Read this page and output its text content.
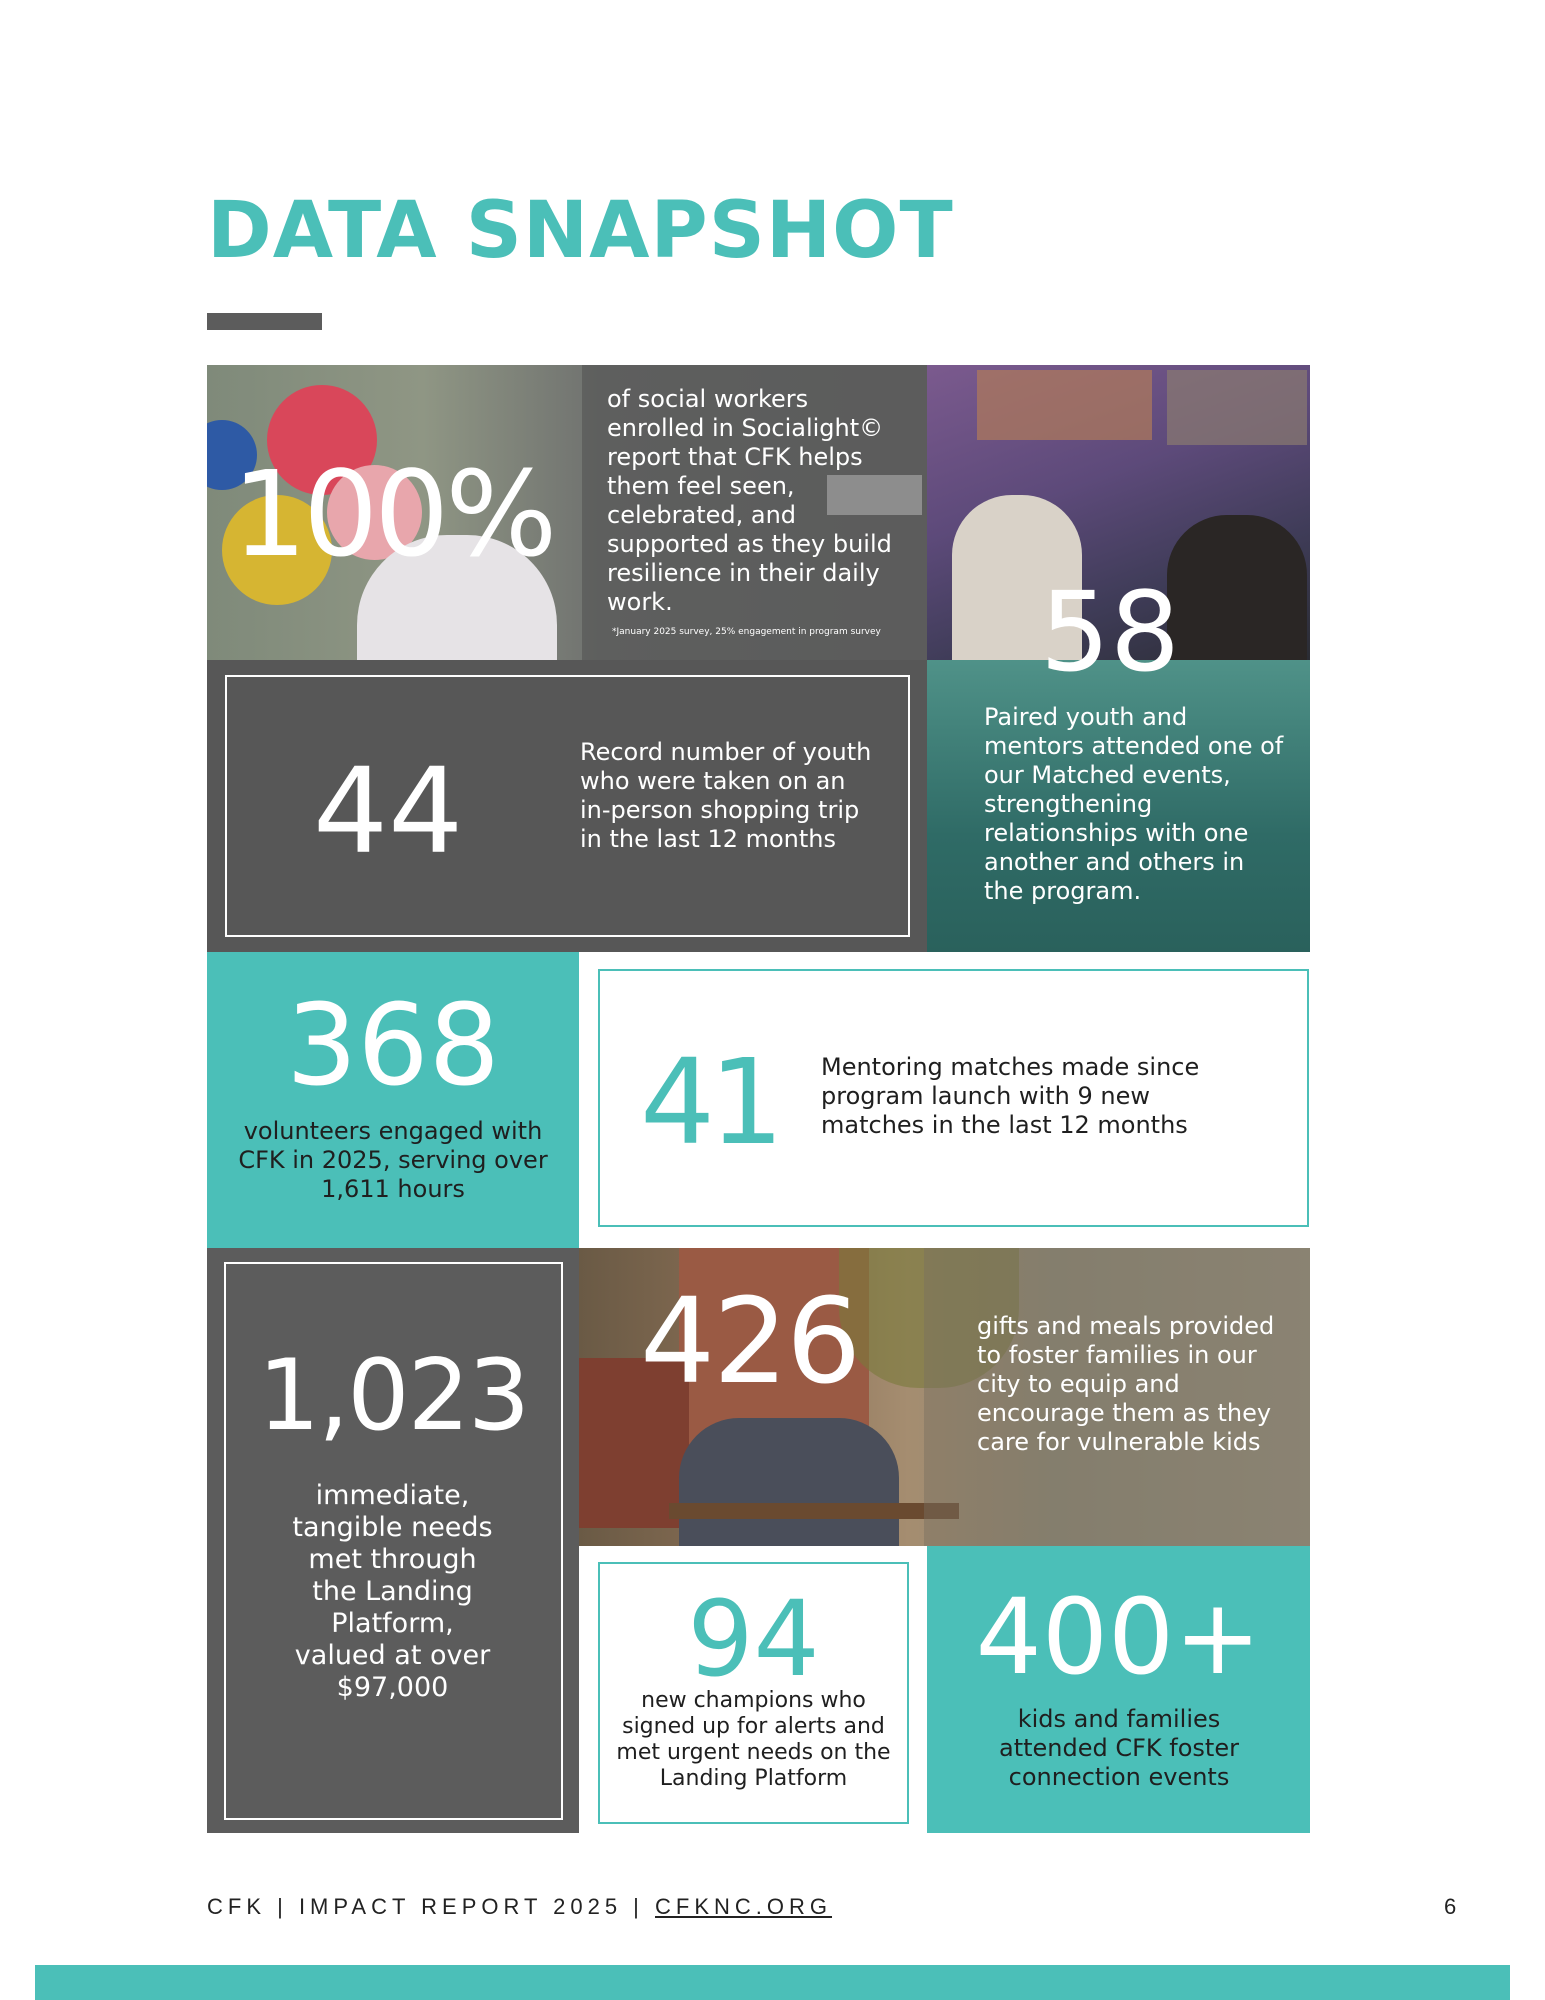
DATA SNAPSHOT
100%
of social workers enrolled in Socialight© report that CFK helps them feel seen, celebrated, and supported as they build resilience in their daily work.
*January 2025 survey, 25% engagement in program survey 58
Paired youth and mentors attended one of our Matched events, strengthening relationships with one another and others in the program.
44	Record number of youth who were taken on an in-person shopping trip in the last 12 months
368
volunteers engaged with CFK in 2025, serving over 1,611 hours
41 Mentoring matches made since program launch with 9 new matches in the last 12 months
1,023
immediate, tangible needs met through the Landing Platform, valued at over $97,000
426	gifts and meals provided to foster families in our city to equip and encourage them as they care for vulnerable kids
94
new champions who signed up for alerts and met urgent needs on the Landing Platform
400+
kids and families attended CFK foster connection events
CFK | IMPACT REPORT 2025 | CFKNC.ORG	6
